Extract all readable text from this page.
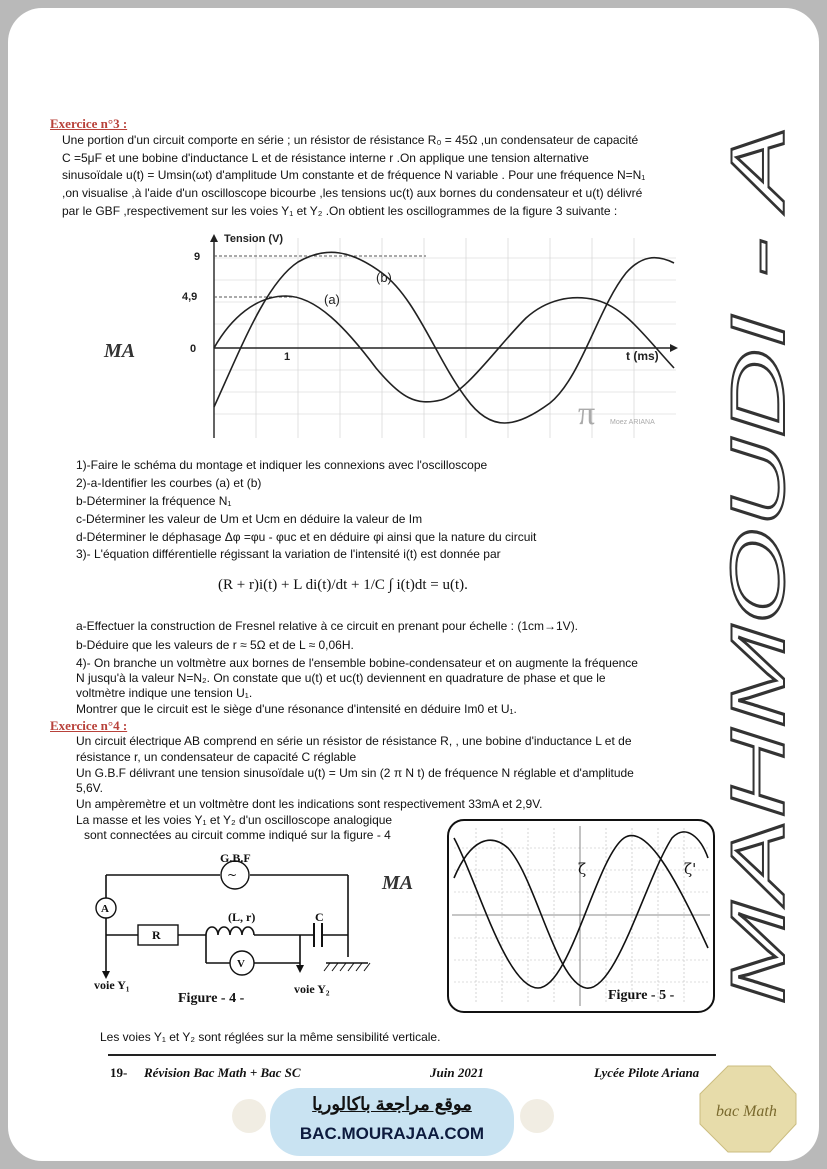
Exercice n°3 :
Une portion d'un circuit comporte en série ; un résistor de résistance R₀ = 45Ω ,un condensateur de capacité
C =5μF et une bobine d'inductance L et de résistance interne r .On applique une tension alternative
sinusoïdale u(t) = Umsin(ωt) d'amplitude Um constante et de fréquence N variable . Pour une fréquence N=N₁
,on visualise ,à l'aide d'un oscilloscope bicourbe ,les tensions uc(t) aux bornes du condensateur et u(t) délivré
par le GBF ,respectivement sur les voies Y₁ et Y₂ .On obtient les oscillogrammes de la figure 3 suivante :
Tension (V)
t (ms)
9
4,9
0
1
(a)
(b)
π Moez ARIANA
MA
1)-Faire le schéma du montage et indiquer les connexions avec l'oscilloscope
2)-a-Identifier les courbes (a) et (b)
b-Déterminer la fréquence N₁
c-Déterminer les valeur de Um et Ucm en déduire la valeur de Im
d-Déterminer le déphasage Δφ =φu - φuc et en déduire φi ainsi que la nature du circuit
3)- L'équation différentielle régissant la variation de l'intensité i(t) est donnée par
(R + r)i(t) + L di(t)/dt + 1/C ∫ i(t)dt = u(t).
a-Effectuer la construction de Fresnel relative à ce circuit en prenant pour échelle : (1cm→1V).
b-Déduire que les valeurs de r ≈ 5Ω et de L ≈ 0,06H.
4)- On branche un voltmètre aux bornes de l'ensemble bobine-condensateur et on augmente la fréquence
N jusqu'à la valeur N=N₂. On constate que u(t) et uc(t) deviennent en quadrature de phase et que le
voltmètre indique une tension U₁.
Montrer que le circuit est le siège d'une résonance d'intensité en déduire Im0 et U₁.
Exercice n°4 :
Un circuit électrique AB comprend en série un résistor de résistance R, , une bobine d'inductance L et de
résistance r, un condensateur de capacité C réglable
Un G.B.F délivrant une tension sinusoïdale u(t) = Um sin (2 π N t) de fréquence N réglable et d'amplitude
5,6V.
Un ampèremètre et un voltmètre dont les indications sont respectivement 33mA et 2,9V.
La masse et les voies Y₁ et Y₂ d'un oscilloscope analogique
sont connectées au circuit comme indiqué sur la figure - 4
~
G.B.F
A
R
(L, r)	C
V
voie Y₁	voie Y₂
Figure - 4 -
MA
ζ	ζ'
Figure - 5 -
Les voies Y₁ et Y₂ sont réglées sur la même sensibilité verticale.
MAHMOUDI - A
19- Révision Bac Math + Bac SC	Juin 2021	Lycée Pilote Ariana
موقع مراجعة باكالوريا
BAC.MOURAJAA.COM
bac Math
